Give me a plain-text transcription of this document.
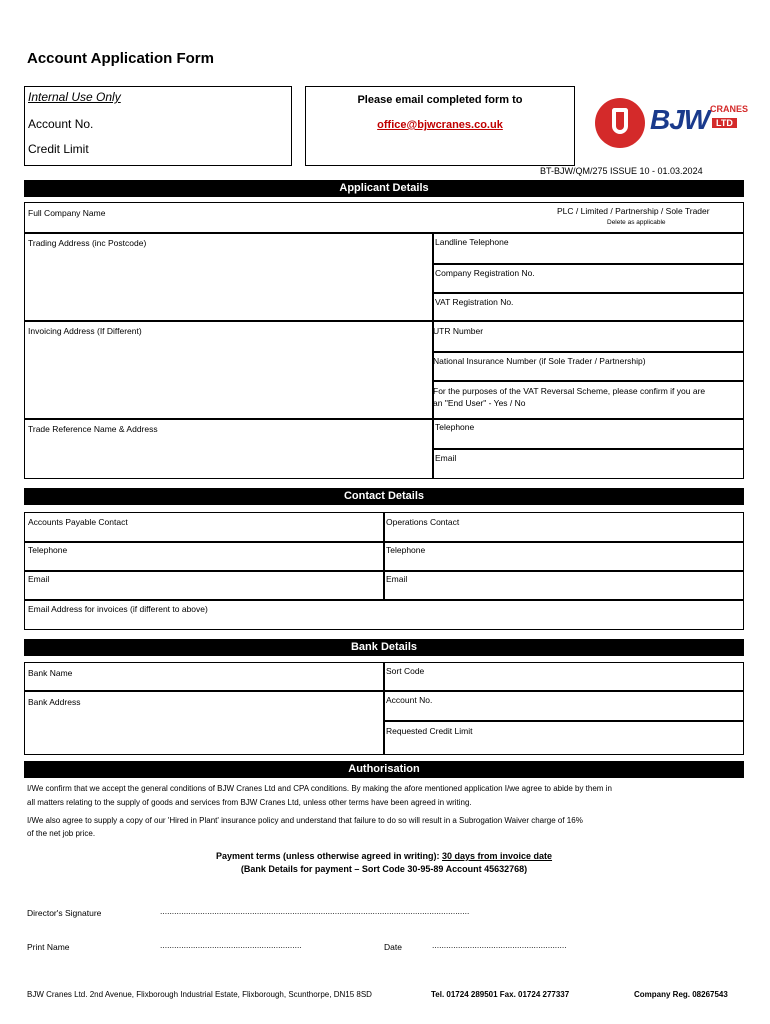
Account Application Form
Internal Use Only
Account No.
Credit Limit
Please email completed form to
office@bjwcranes.co.uk	BJW CRANES
LTD
BT-BJW/QM/275 ISSUE 10 - 01.03.2024
Applicant Details
Full Company Name	PLC / Limited / Partnership / Sole Trader
Delete as applicable
Trading Address (inc Postcode)
Invoicing Address (If Different)
Trade Reference Name & Address
Landline Telephone
Company Registration No.
VAT Registration No.
UTR Number
National Insurance Number (if Sole Trader / Partnership)
For the purposes of the VAT Reversal Scheme, please confirm if you are
an "End User" - Yes / No
Telephone
Email
Contact Details
Accounts Payable Contact	Operations Contact
Telephone	Telephone
Email	Email
Email Address for invoices (if different to above)
Bank Details
Bank Name
Bank Address
Sort Code
Account No.
Requested Credit Limit
Authorisation
I/We confirm that we accept the general conditions of BJW Cranes Ltd and CPA conditions. By making the afore mentioned application I/we agree to abide by them in
all matters relating to the supply of goods and services from BJW Cranes Ltd, unless other terms have been agreed in writing.
I/We also agree to supply a copy of our 'Hired in Plant' insurance policy and understand that failure to do so will result in a Subrogation Waiver charge of 16%
of the net job price.
Payment terms (unless otherwise agreed in writing): 30 days from invoice date
(Bank Details for payment – Sort Code 30-95-89 Account 45632768)
Director's Signature	...................................................................................................................................
Print Name	............................................................	Date	.........................................................
BJW Cranes Ltd. 2nd Avenue, Flixborough Industrial Estate, Flixborough, Scunthorpe, DN15 8SD	Tel. 01724 289501 Fax. 01724 277337	Company Reg. 08267543
